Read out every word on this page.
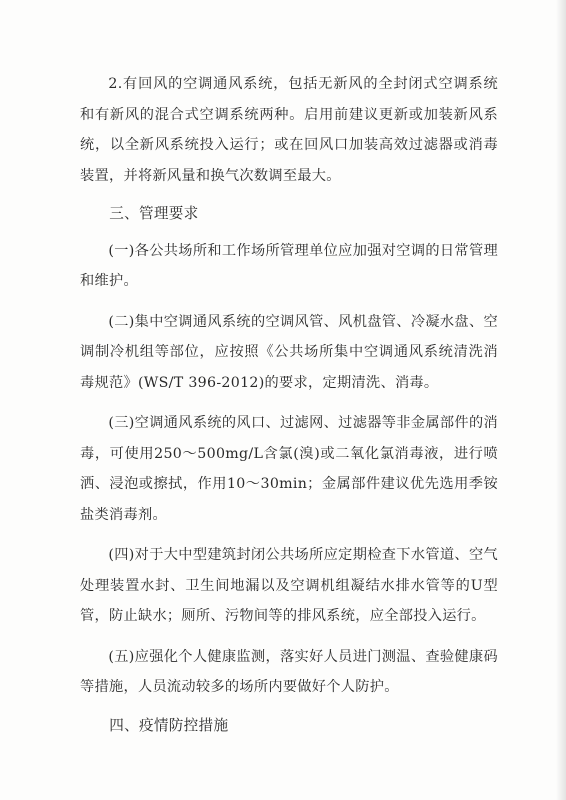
2.有回风的空调通风系统，包括无新风的全封闭式空调系统和有新风的混合式空调系统两种。启用前建议更新或加装新风系统，以全新风系统投入运行；或在回风口加装高效过滤器或消毒装置，并将新风量和换气次数调至最大。

三、管理要求

(一)各公共场所和工作场所管理单位应加强对空调的日常管理和维护。

(二)集中空调通风系统的空调风管、风机盘管、冷凝水盘、空调制冷机组等部位，应按照《公共场所集中空调通风系统清洗消毒规范》(WS/T 396-2012)的要求，定期清洗、消毒。

(三)空调通风系统的风口、过滤网、过滤器等非金属部件的消毒，可使用250～500mg/L含氯(溴)或二氧化氯消毒液，进行喷洒、浸泡或擦拭，作用10～30min；金属部件建议优先选用季铵盐类消毒剂。

(四)对于大中型建筑封闭公共场所应定期检查下水管道、空气处理装置水封、卫生间地漏以及空调机组凝结水排水管等的U型管，防止缺水；厕所、污物间等的排风系统，应全部投入运行。

(五)应强化个人健康监测，落实好人员进门测温、查验健康码等措施，人员流动较多的场所内要做好个人防护。

四、疫情防控措施
